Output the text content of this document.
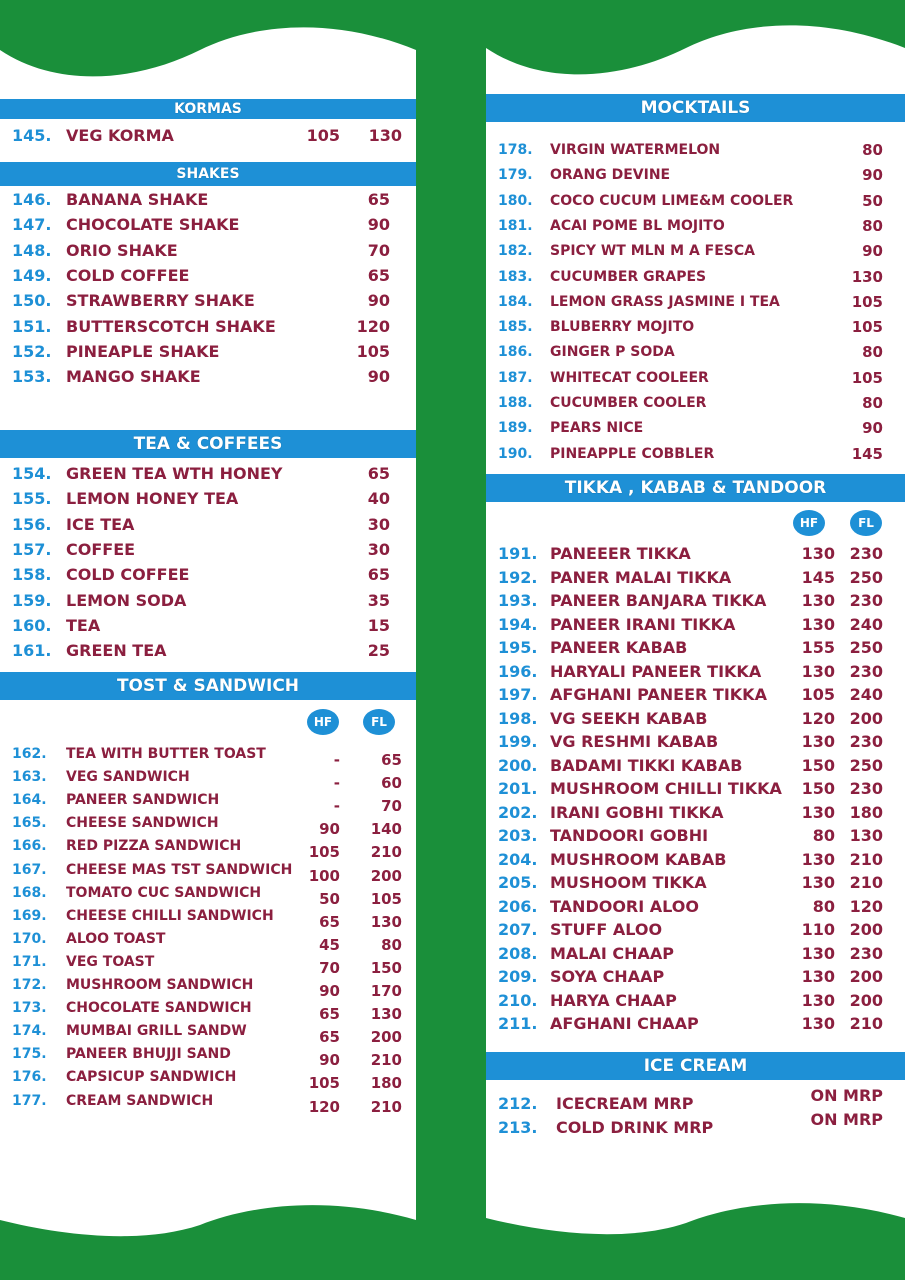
KORMAS
145. VEG KORMA	105 130
SHAKES
146. BANANA SHAKE	65
147. CHOCOLATE SHAKE	90
148. ORIO SHAKE	70
149. COLD COFFEE	65
150. STRAWBERRY SHAKE	90
151. BUTTERSCOTCH SHAKE	120
152. PINEAPLE SHAKE	105
153. MANGO SHAKE	90
TEA & COFFEES
154. GREEN TEA WTH HONEY	65
155. LEMON HONEY TEA	40
156. ICE TEA	30
157. COFFEE	30
158. COLD COFFEE	65
159. LEMON SODA	35
160. TEA	15
161. GREEN TEA	25
TOST & SANDWICH
HF	FL
162. TEA WITH BUTTER TOAST	-	65
163. VEG SANDWICH	-	60
164. PANEER SANDWICH	-	70
165. CHEESE SANDWICH	90 140
166. RED PIZZA SANDWICH	105 210
167. CHEESE MAS TST SANDWICH 100 200
168. TOMATO CUC SANDWICH	50 105
169. CHEESE CHILLI SANDWICH	65 130
170. ALOO TOAST	45	80
171. VEG TOAST	70 150
172. MUSHROOM SANDWICH	90 170
173. CHOCOLATE SANDWICH	65 130
174. MUMBAI GRILL SANDW	65 200
175. PANEER BHUJJI SAND	90 210
176. CAPSICUP SANDWICH	105 180
177. CREAM SANDWICH	120 210
MOCKTAILS
178. VIRGIN WATERMELON	80
179. ORANG DEVINE	90
180. COCO CUCUM LIME&M COOLER	50
181. ACAI POME BL MOJITO	80
182. SPICY WT MLN M A FESCA	90
183. CUCUMBER GRAPES	130
184. LEMON GRASS JASMINE I TEA	105
185. BLUBERRY MOJITO	105
186. GINGER P SODA	80
187. WHITECAT COOLEER	105
188. CUCUMBER COOLER	80
189. PEARS NICE	90
190. PINEAPPLE COBBLER	145
TIKKA , KABAB & TANDOOR
HF	FL
191. PANEEER TIKKA	130 230
192. PANER MALAI TIKKA	145 250
193. PANEER BANJARA TIKKA 130 230
194. PANEER IRANI TIKKA	130 240
195. PANEER KABAB	155 250
196. HARYALI PANEER TIKKA	130 230
197. AFGHANI PANEER TIKKA 105 240
198. VG SEEKH KABAB	120 200
199. VG RESHMI KABAB	130 230
200. BADAMI TIKKI KABAB	150 250
201. MUSHROOM CHILLI TIKKA 150 230
202. IRANI GOBHI TIKKA	130 180
203. TANDOORI GOBHI	80 130
204. MUSHROOM KABAB	130 210
205. MUSHOOM TIKKA	130 210
206. TANDOORI ALOO	80 120
207. STUFF ALOO	110 200
208. MALAI CHAAP	130 230
209. SOYA CHAAP	130 200
210. HARYA CHAAP	130 200
211. AFGHANI CHAAP	130 210
ICE CREAM
212. ICECREAM MRP	ON MRP
213. COLD DRINK MRP	ON MRP
